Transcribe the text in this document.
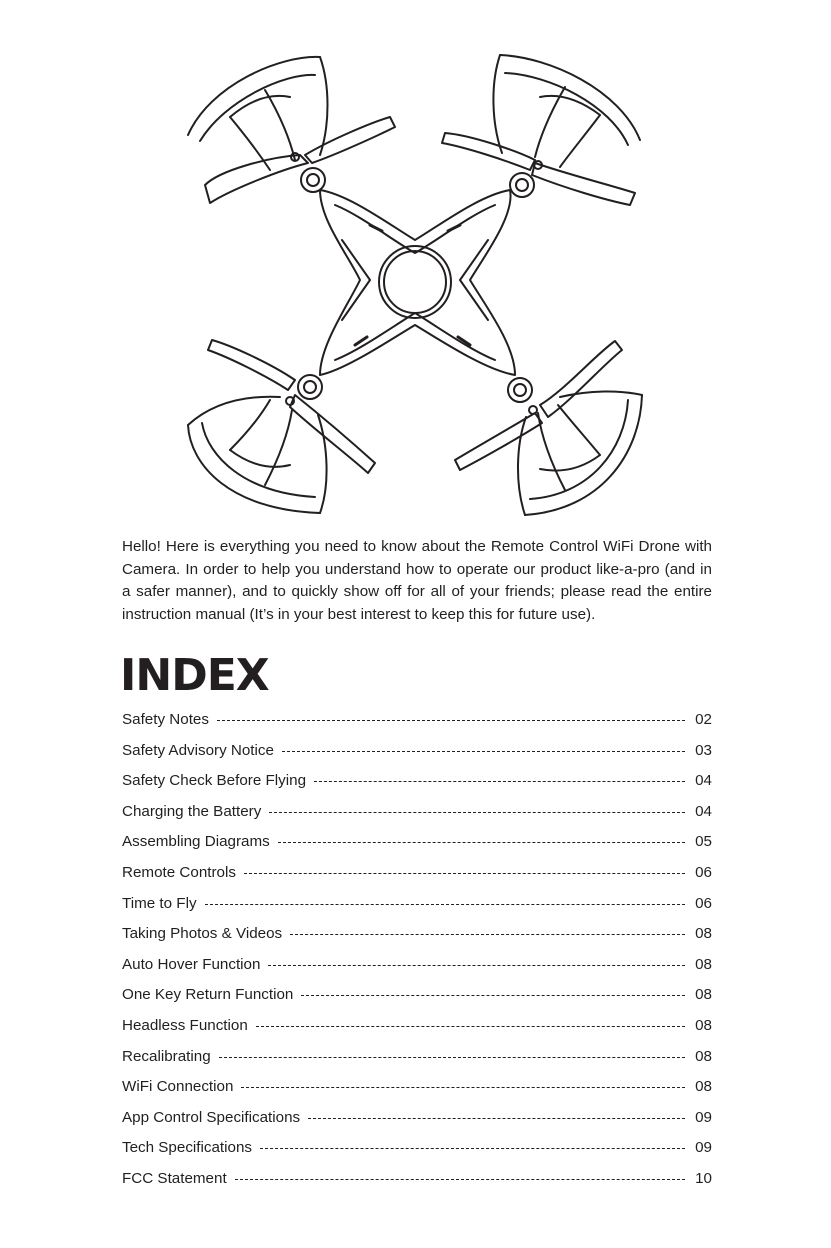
Hello! Here is everything you need to know about the Remote Control WiFi Drone with Camera. In order to help you understand how to operate our product like-a-pro (and in a safer manner), and to quickly show off for all of your friends; please read the entire instruction manual (It’s in your best interest to keep this for future use).

INDEX
Safety Notes	02
Safety Advisory Notice	03
Safety Check Before Flying	04
Charging the Battery	04
Assembling Diagrams	05
Remote Controls	06
Time to Fly	06
Taking Photos & Videos	08
Auto Hover Function	08
One Key Return Function	08
Headless Function	08
Recalibrating	08
WiFi Connection	08
App Control Specifications	09
Tech Specifications	09
FCC Statement	10
